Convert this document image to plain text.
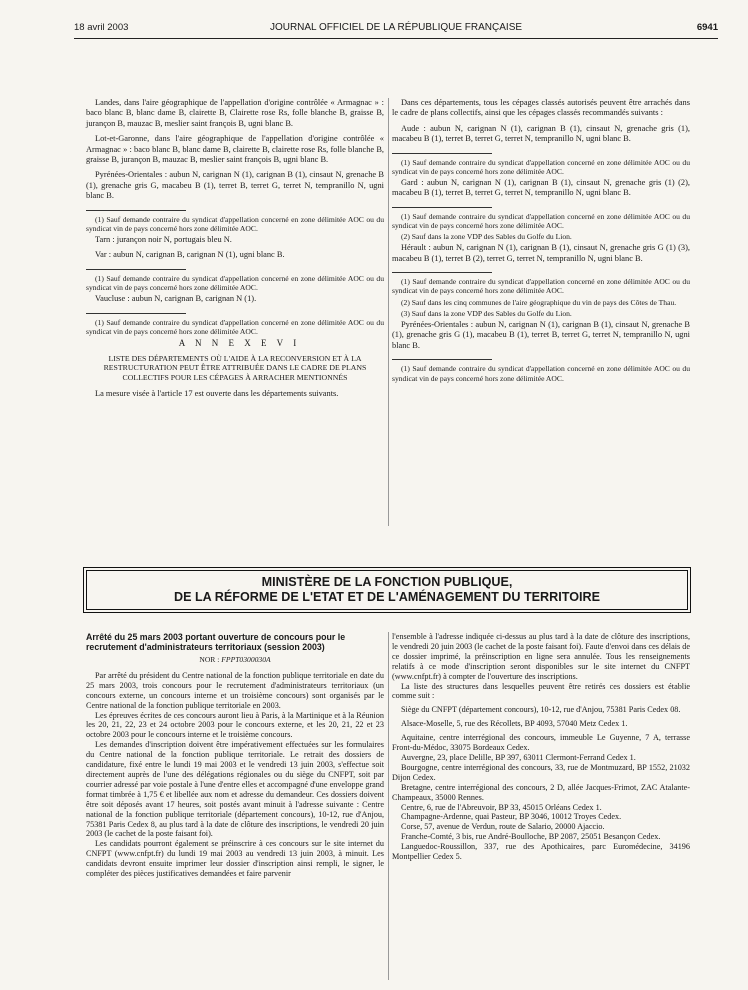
18 avril 2003	JOURNAL OFFICIEL DE LA RÉPUBLIQUE FRANÇAISE	6941

Landes, dans l'aire géographique de l'appellation d'origine contrôlée « Armagnac » : baco blanc B, blanc dame B, clairette B, Clairette rose Rs, folle blanche B, graisse B, jurançon B, mauzac B, meslier saint françois B, ugni blanc B.

Lot-et-Garonne, dans l'aire géographique de l'appellation d'origine contrôlée « Armagnac » : baco blanc B, blanc dame B, clairette B, clairette rose Rs, folle blanche B, graisse B, jurançon B, mauzac B, meslier saint françois B, ugni blanc B.

Pyrénées-Orientales : aubun N, carignan N (1), carignan B (1), cinsaut N, grenache B (1), grenache gris G, macabeu B (1), terret B, terret G, terret N, tempranillo N, ugni blanc B.

(1) Sauf demande contraire du syndicat d'appellation concerné en zone délimitée AOC ou du syndicat vin de pays concerné hors zone délimitée AOC.

Tarn : jurançon noir N, portugais bleu N.

Var : aubun N, carignan B, carignan N (1), ugni blanc B.

(1) Sauf demande contraire du syndicat d'appellation concerné en zone délimitée AOC ou du syndicat vin de pays concerné hors zone délimitée AOC.

Vaucluse : aubun N, carignan B, carignan N (1).

(1) Sauf demande contraire du syndicat d'appellation concerné en zone délimitée AOC ou du syndicat vin de pays concerné hors zone délimitée AOC.

A N N E X E V I

LISTE DES DÉPARTEMENTS OÙ L'AIDE À LA RECONVERSION ET À LA RESTRUCTURATION PEUT ÊTRE ATTRIBUÉE DANS LE CADRE DE PLANS COLLECTIFS POUR LES CÉPAGES À ARRACHER MENTIONNÉS

La mesure visée à l'article 17 est ouverte dans les départements suivants.

Dans ces départements, tous les cépages classés autorisés peuvent être arrachés dans le cadre de plans collectifs, ainsi que les cépages classés recommandés suivants :

Aude : aubun N, carignan N (1), carignan B (1), cinsaut N, grenache gris (1), macabeu B (1), terret B, terret G, terret N, tempranillo N, ugni blanc B.

(1) Sauf demande contraire du syndicat d'appellation concerné en zone délimitée AOC ou du syndicat vin de pays concerné hors zone délimitée AOC.

Gard : aubun N, carignan N (1), carignan B (1), cinsaut N, grenache gris (1) (2), macabeu B (1), terret B, terret G, terret N, tempranillo N, ugni blanc B.

(1) Sauf demande contraire du syndicat d'appellation concerné en zone délimitée AOC ou du syndicat vin de pays concerné hors zone délimitée AOC.

(2) Sauf dans la zone VDP des Sables du Golfe du Lion.

Hérault : aubun N, carignan N (1), carignan B (1), cinsaut N, grenache gris G (1) (3), macabeu B (1), terret B (2), terret G, terret N, tempranillo N, ugni blanc B.

(1) Sauf demande contraire du syndicat d'appellation concerné en zone délimitée AOC ou du syndicat vin de pays concerné hors zone délimitée AOC.

(2) Sauf dans les cinq communes de l'aire géographique du vin de pays des Côtes de Thau.

(3) Sauf dans la zone VDP des Sables du Golfe du Lion.

Pyrénées-Orientales : aubun N, carignan N (1), carignan B (1), cinsaut N, grenache B (1), grenache gris G (1), macabeu B (1), terret B, terret G, terret N, tempranillo N, ugni blanc B.

(1) Sauf demande contraire du syndicat d'appellation concerné en zone délimitée AOC ou du syndicat vin de pays concerné hors zone délimitée AOC.

MINISTÈRE DE LA FONCTION PUBLIQUE,
DE LA RÉFORME DE L'ETAT ET DE L'AMÉNAGEMENT DU TERRITOIRE

Arrêté du 25 mars 2003 portant ouverture de concours pour le recrutement d'administrateurs territoriaux (session 2003)

NOR : FPPT0300030A

Par arrêté du président du Centre national de la fonction publique territoriale en date du 25 mars 2003, trois concours pour le recrutement d'administrateurs territoriaux (un concours externe, un concours interne et un troisième concours) sont organisés par le Centre national de la fonction publique territoriale en 2003.

Les épreuves écrites de ces concours auront lieu à Paris, à la Martinique et à la Réunion les 20, 21, 22, 23 et 24 octobre 2003 pour le concours externe, et les 20, 21, 22 et 23 octobre 2003 pour le concours interne et le troisième concours.

Les demandes d'inscription doivent être impérativement effectuées sur les formulaires du Centre national de la fonction publique territoriale. Le retrait des dossiers de candidature, fixé entre le lundi 19 mai 2003 et le vendredi 13 juin 2003, s'effectue soit directement auprès de l'une des délégations régionales ou du siège du CNFPT, soit par courrier adressé par voie postale à l'une d'entre elles et accompagné d'une enveloppe grand format timbrée à 1,75 € et libellée aux nom et adresse du demandeur. Ces dossiers doivent être soit déposés avant 17 heures, soit postés avant minuit à l'adresse suivante : Centre national de la fonction publique territoriale (département concours), 10-12, rue d'Anjou, 75381 Paris Cedex 8, au plus tard à la date de clôture des inscriptions, le vendredi 20 juin 2003 (le cachet de la poste faisant foi).

Les candidats pourront également se préinscrire à ces concours sur le site internet du CNFPT (www.cnfpt.fr) du lundi 19 mai 2003 au vendredi 13 juin 2003, à minuit. Les candidats devront ensuite imprimer leur dossier d'inscription ainsi rempli, le signer, le compléter des pièces justificatives demandées et faire parvenir

l'ensemble à l'adresse indiquée ci-dessus au plus tard à la date de clôture des inscriptions, le vendredi 20 juin 2003 (le cachet de la poste faisant foi). Faute d'envoi dans ces délais de ce dossier imprimé, la préinscription en ligne sera annulée. Tous les renseignements relatifs à ce mode d'inscription seront disponibles sur le site internet du CNFPT (www.cnfpt.fr) à compter de l'ouverture des inscriptions.

La liste des structures dans lesquelles peuvent être retirés ces dossiers est établie comme suit :

Siège du CNFPT (département concours), 10-12, rue d'Anjou, 75381 Paris Cedex 08.

Alsace-Moselle, 5, rue des Récollets, BP 4093, 57040 Metz Cedex 1.

Aquitaine, centre interrégional des concours, immeuble Le Guyenne, 7 A, terrasse Front-du-Médoc, 33075 Bordeaux Cedex.

Auvergne, 23, place Delille, BP 397, 63011 Clermont-Ferrand Cedex 1.

Bourgogne, centre interrégional des concours, 33, rue de Montmuzard, BP 1552, 21032 Dijon Cedex.

Bretagne, centre interrégional des concours, 2 D, allée Jacques-Frimot, ZAC Atalante-Champeaux, 35000 Rennes.

Centre, 6, rue de l'Abreuvoir, BP 33, 45015 Orléans Cedex 1.

Champagne-Ardenne, quai Pasteur, BP 3046, 10012 Troyes Cedex.

Corse, 57, avenue de Verdun, route de Salario, 20000 Ajaccio.

Franche-Comté, 3 bis, rue André-Boulloche, BP 2087, 25051 Besançon Cedex.

Languedoc-Roussillon, 337, rue des Apothicaires, parc Euromédecine, 34196 Montpellier Cedex 5.
